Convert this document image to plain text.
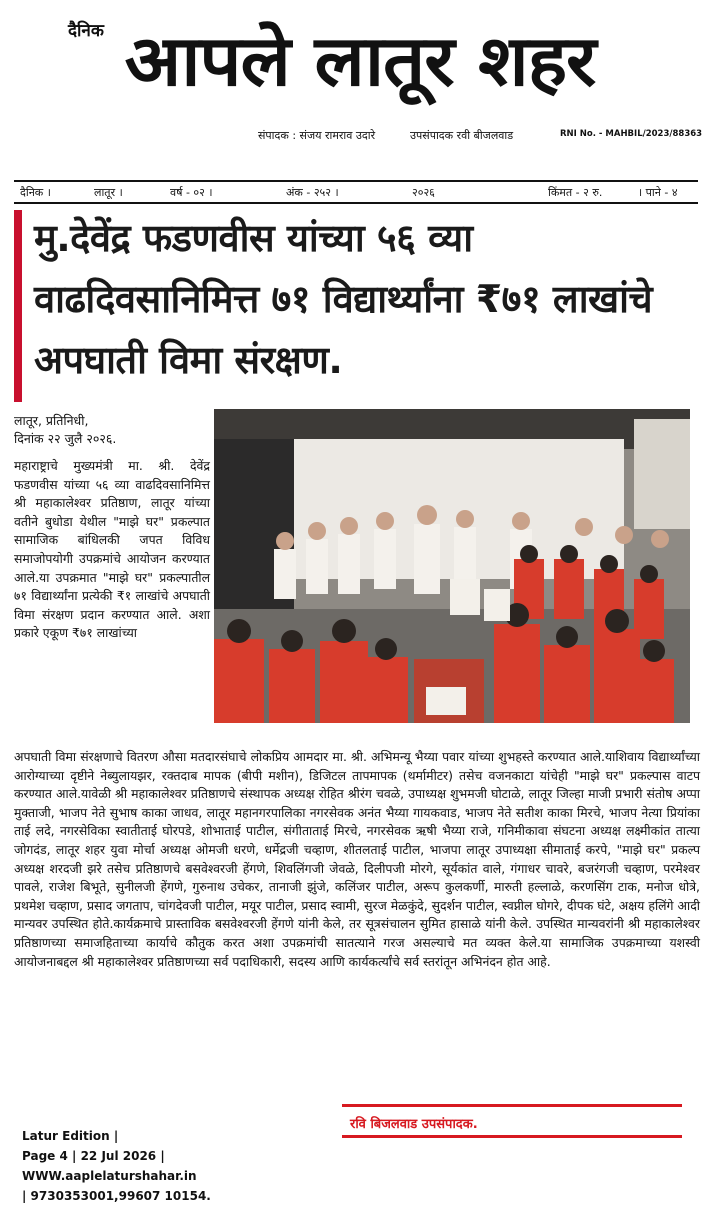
दैनिक आपले लातूर शहर
संपादक : संजय रामराव उदारे	उपसंपादक रवी बीजलवाड	RNI No. - MAHBIL/2023/88363
दैनिक ।	लातूर ।	वर्ष - ०२ ।	अंक - २५२ ।	२०२६	किंमत - २ रु.	। पाने - ४
मु.देवेंद्र फडणवीस यांच्या ५६ व्या वाढदिवसानिमित्त ७१ विद्यार्थ्यांना ₹७१ लाखांचे अपघाती विमा संरक्षण.
लातूर, प्रतिनिधी,
दिनांक २२ जुलै २०२६.
महाराष्ट्राचे मुख्यमंत्री मा. श्री. देवेंद्र फडणवीस यांच्या ५६ व्या वाढदिवसानिमित्त श्री महाकालेश्वर प्रतिष्ठाण, लातूर यांच्या वतीने बुधोडा येथील "माझे घर" प्रकल्पात सामाजिक बांधिलकी जपत विविध समाजोपयोगी उपक्रमांचे आयोजन करण्यात आले.या उपक्रमात "माझे घर" प्रकल्पातील ७१ विद्यार्थ्यांना प्रत्येकी ₹१ लाखांचे अपघाती विमा संरक्षण प्रदान करण्यात आले. अशा प्रकारे एकूण ₹७१ लाखांच्या
अपघाती विमा संरक्षणाचे वितरण औसा मतदारसंघाचे लोकप्रिय आमदार मा. श्री. अभिमन्यू भैय्या पवार यांच्या शुभहस्ते करण्यात आले.याशिवाय विद्यार्थ्यांच्या आरोग्याच्या दृष्टीने नेब्युलायझर, रक्तदाब मापक (बीपी मशीन), डिजिटल तापमापक (थर्मामीटर) तसेच वजनकाटा यांचेही "माझे घर" प्रकल्पास वाटप करण्यात आले.यावेळी श्री महाकालेश्वर प्रतिष्ठाणचे संस्थापक अध्यक्ष रोहित श्रीरंग चवळे, उपाध्यक्ष शुभमजी घोटाळे, लातूर जिल्हा माजी प्रभारी संतोष अप्पा मुक्ताजी, भाजप नेते सुभाष काका जाधव, लातूर महानगरपालिका नगरसेवक अनंत भैय्या गायकवाड, भाजप नेते सतीश काका मिरचे, भाजप नेत्या प्रियांका ताई लदे, नगरसेविका स्वातीताई घोरपडे, शोभाताई पाटील, संगीताताई मिरचे, नगरसेवक ऋषी भैय्या राजे, गनिमीकावा संघटना अध्यक्ष लक्ष्मीकांत तात्या जोगदंड, लातूर शहर युवा मोर्चा अध्यक्ष ओमजी धरणे, धर्मेद्रजी चव्हाण, शीतलताई पाटील, भाजपा लातूर उपाध्यक्षा सीमाताई करपे, "माझे घर" प्रकल्प अध्यक्ष शरदजी झरे तसेच प्रतिष्ठाणचे बसवेश्वरजी हेंगणे, शिवलिंगजी जेवळे, दिलीपजी मोरगे, सूर्यकांत वाले, गंगाधर चावरे, बजरंगजी चव्हाण, परमेश्वर पावले, राजेश बिभूते, सुनीलजी हेंगणे, गुरुनाथ उचेकर, तानाजी झुंजे, कलिंजर पाटील, अरूप कुलकर्णी, मारुती हल्लाळे, करणसिंग टाक, मनोज धोत्रे, प्रथमेश चव्हाण, प्रसाद जगताप, चांगदेवजी पाटील, मयूर पाटील, प्रसाद स्वामी, सुरज मेळकुंदे, सुदर्शन पाटील, स्वप्नील घोगरे, दीपक घंटे, अक्षय हलिंगे आदी मान्यवर उपस्थित होते.कार्यक्रमाचे प्रास्ताविक बसवेश्वरजी हेंगणे यांनी केले, तर सूत्रसंचालन सुमित हासाळे यांनी केले. उपस्थित मान्यवरांनी श्री महाकालेश्वर प्रतिष्ठाणच्या समाजहिताच्या कार्याचे कौतुक करत अशा उपक्रमांची सातत्याने गरज असल्याचे मत व्यक्त केले.या सामाजिक उपक्रमाच्या यशस्वी आयोजनाबद्दल श्री महाकालेश्वर प्रतिष्ठाणच्या सर्व पदाधिकारी, सदस्य आणि कार्यकर्त्यांचे सर्व स्तरांतून अभिनंदन होत आहे.
Latur Edition |
Page 4 | 22 Jul 2026 | WWW.aaplelaturshahar.in
| 9730353001,99607 10154.
रवि बिजलवाड उपसंपादक.
